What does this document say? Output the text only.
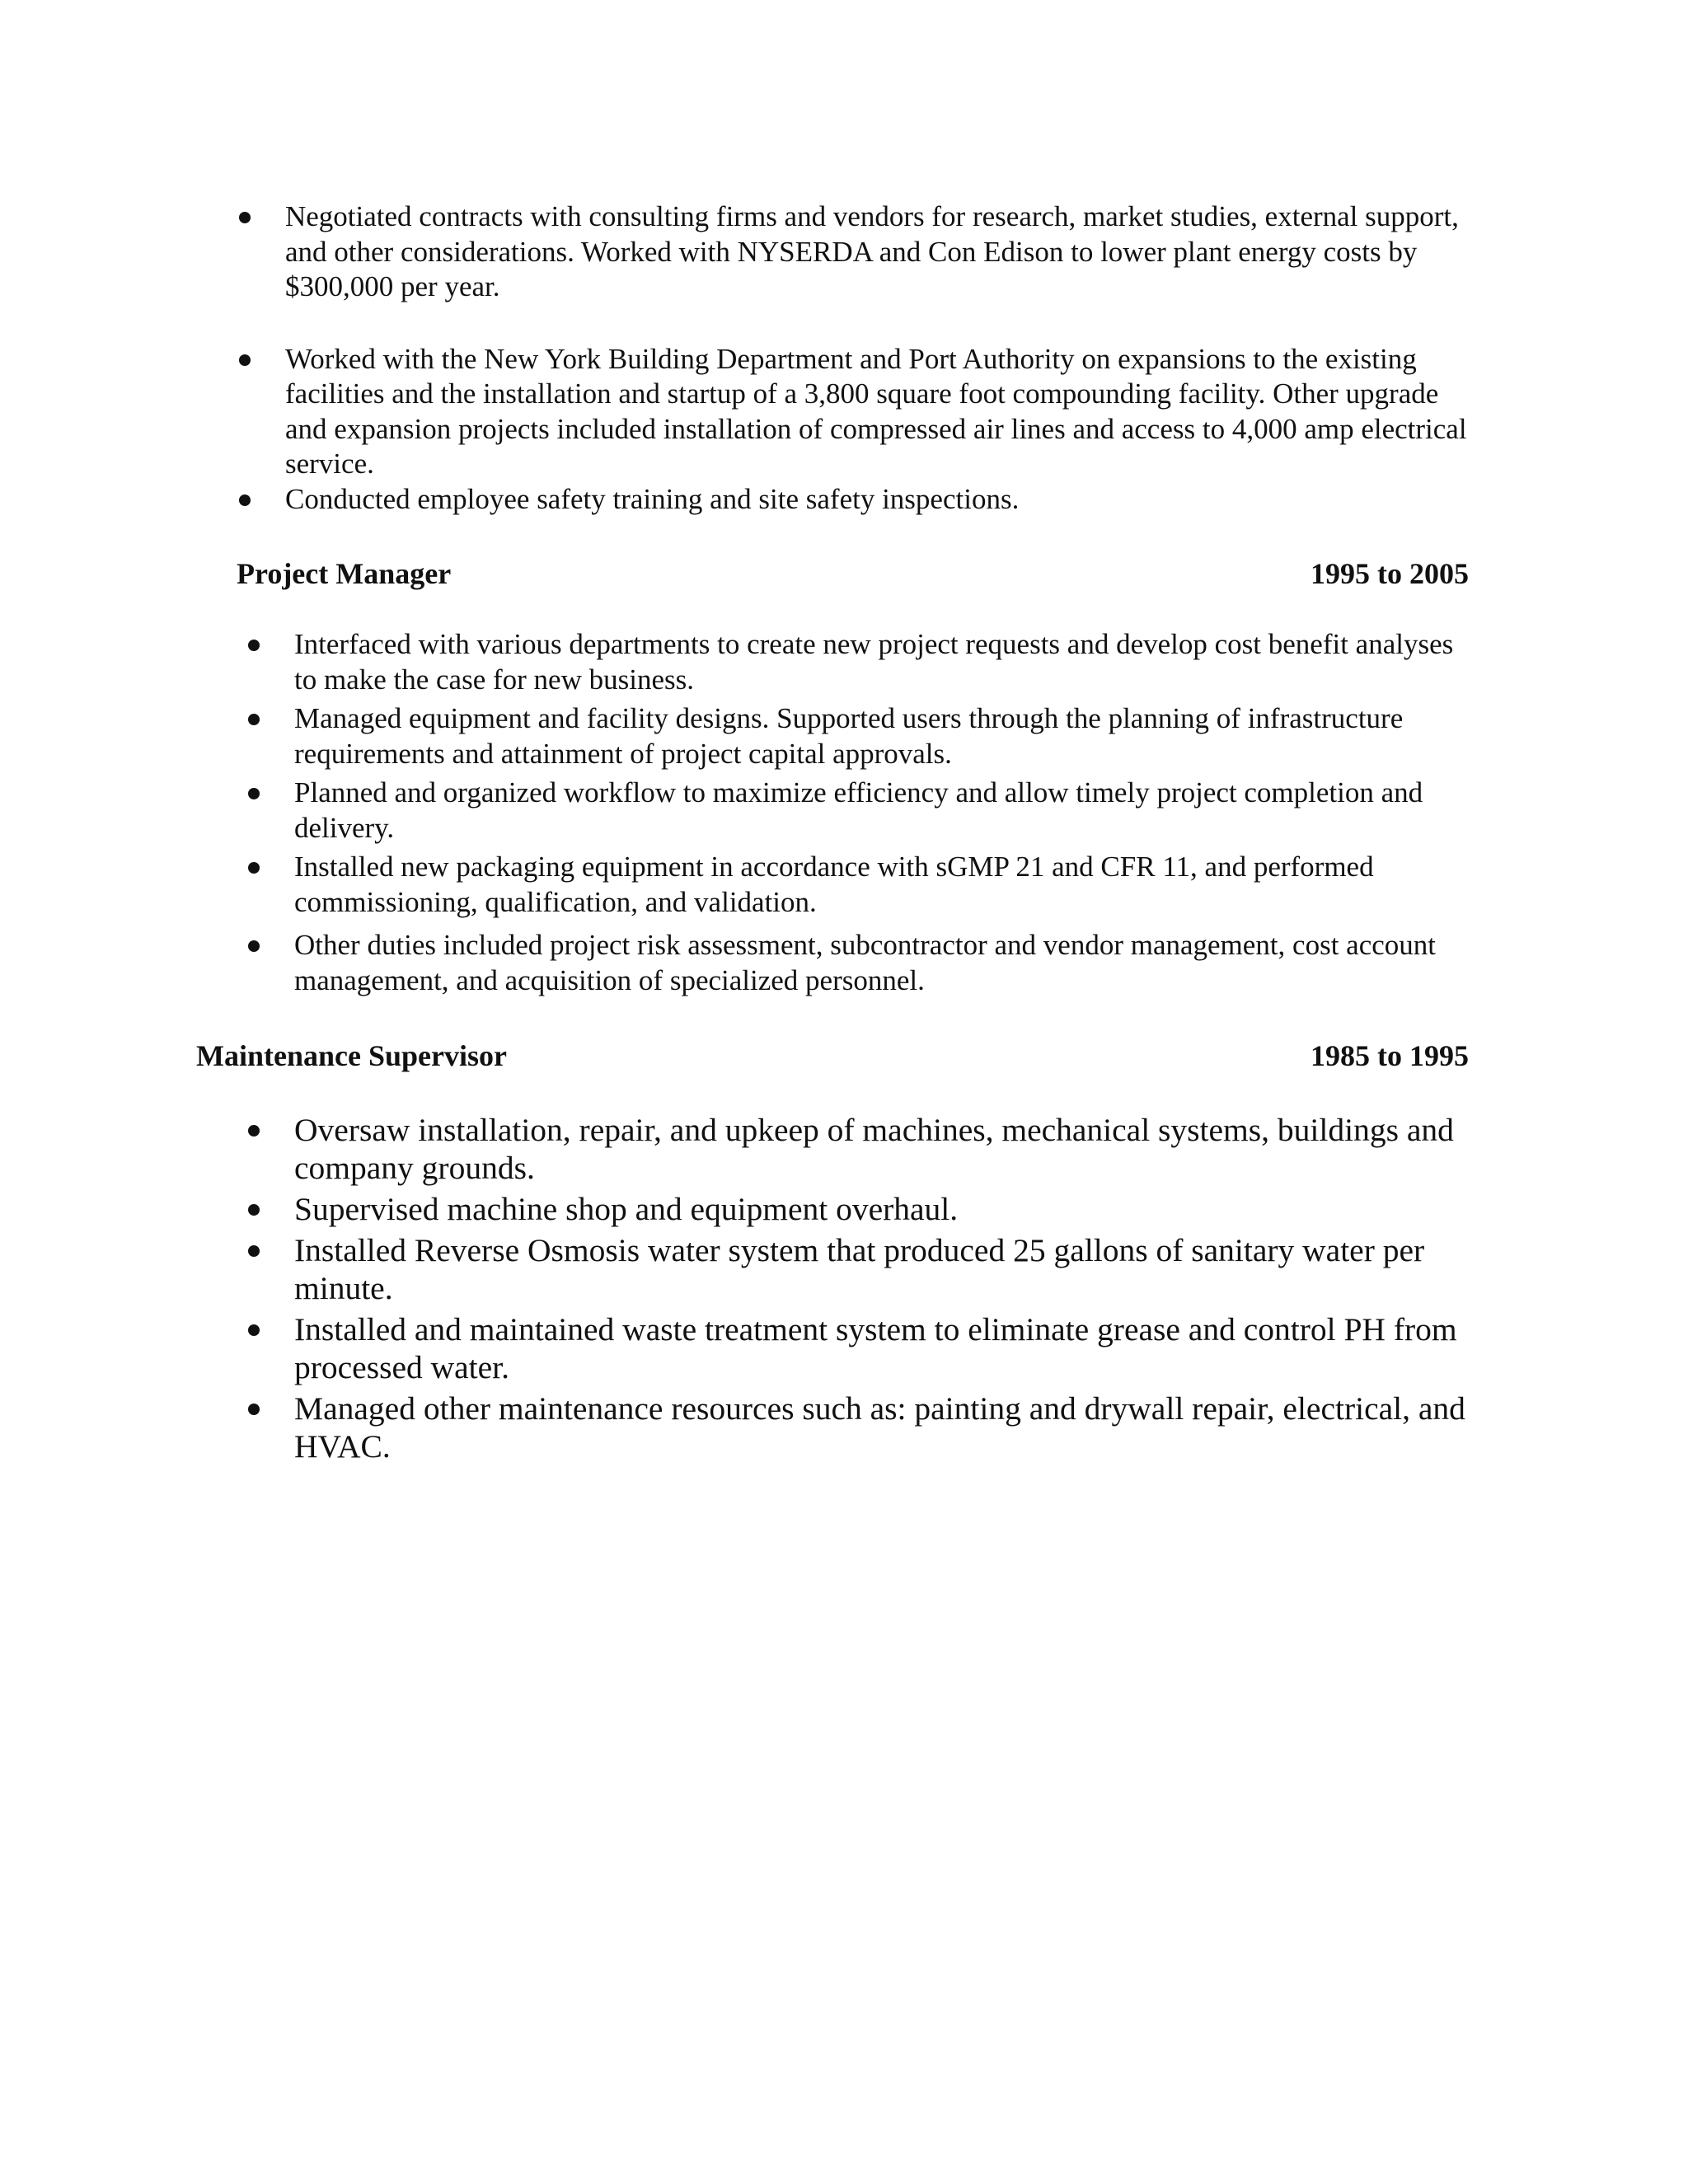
Negotiated contracts with consulting firms and vendors for research, market studies, external support, and other considerations. Worked with NYSERDA and Con Edison to lower plant energy costs by $300,000 per year.
Worked with the New York Building Department and Port Authority on expansions to the existing facilities and the installation and startup of a 3,800 square foot compounding facility. Other upgrade and expansion projects included installation of compressed air lines and access to 4,000 amp electrical service.
Conducted employee safety training and site safety inspections.
Project Manager	1995 to 2005
Interfaced with various departments to create new project requests and develop cost benefit analyses to make the case for new business.
Managed equipment and facility designs. Supported users through the planning of infrastructure requirements and attainment of project capital approvals.
Planned and organized workflow to maximize efficiency and allow timely project completion and delivery.
Installed new packaging equipment in accordance with sGMP 21 and CFR 11, and performed commissioning, qualification, and validation.
Other duties included project risk assessment, subcontractor and vendor management, cost account management, and acquisition of specialized personnel.
Maintenance Supervisor	1985 to 1995
Oversaw installation, repair, and upkeep of machines, mechanical systems, buildings and company grounds.
Supervised machine shop and equipment overhaul.
Installed Reverse Osmosis water system that produced 25 gallons of sanitary water per minute.
Installed and maintained waste treatment system to eliminate grease and control PH from processed water.
Managed other maintenance resources such as: painting and drywall repair, electrical, and HVAC.
